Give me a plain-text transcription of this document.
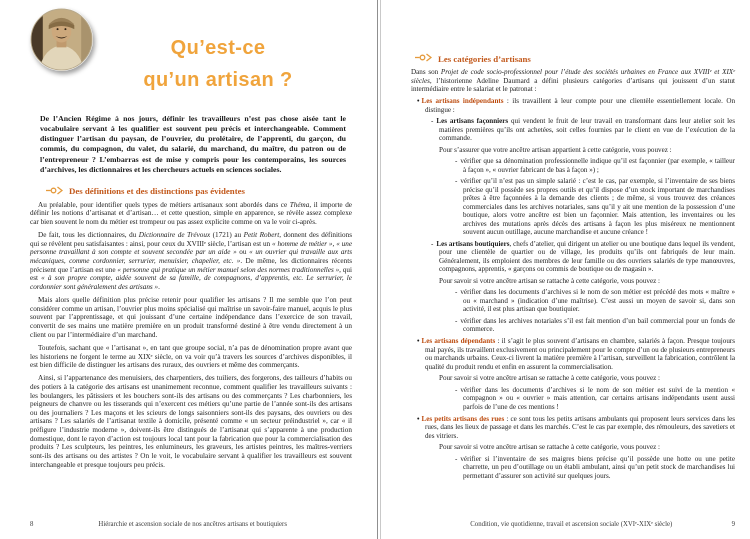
Qu’est-ce
qu’un artisan ?

De l’Ancien Régime à nos jours, définir les travailleurs n’est pas chose aisée tant le vocabulaire servant à les qualifier est souvent peu précis et interchangeable. Comment distinguer l’artisan du paysan, de l’ouvrier, du prolétaire, de l’apprenti, du garçon, du commis, du compagnon, du valet, du salarié, du marchand, du maître, du patron ou de l’entrepreneur ? L’embarras est de mise y compris pour les contemporains, les sources d’archives, les dictionnaires et les chercheurs actuels en sciences sociales.

Des définitions et des distinctions pas évidentes

Au préalable, pour identifier quels types de métiers artisanaux sont abordés dans ce Théma, il importe de définir les notions d’artisanat et d’artisan… et cette question, simple en apparence, se révèle assez complexe car bien souvent le nom du métier est trompeur ou pas assez explicite comme on va le voir ci-après.

De fait, tous les dictionnaires, du Dictionnaire de Trévoux (1721) au Petit Robert, donnent des définitions qui se révèlent peu satisfaisantes : ainsi, pour ceux du XVIIIᵉ siècle, l’artisan est un « homme de métier », « une personne travaillant à son compte et souvent secondée par un aide » ou « un ouvrier qui travaille aux arts mécaniques, comme cordonnier, serrurier, menuisier, chapelier, etc. ». De même, les dictionnaires récents précisent que l’artisan est une « personne qui pratique un métier manuel selon des normes traditionnelles », qui est « à son propre compte, aidée souvent de sa famille, de compagnons, d’apprentis, etc. Le serrurier, le cordonnier sont généralement des artisans ».

Mais alors quelle définition plus précise retenir pour qualifier les artisans ? Il me semble que l’on peut considérer comme un artisan, l’ouvrier plus moins spécialisé qui maîtrise un savoir-faire manuel, acquis le plus souvent par l’apprentissage, et qui jouissant d’une certaine indépendance dans l’exercice de son travail, convertit de ses mains une matière première en un produit transformé destiné à être vendu directement à un client ou par l’intermédiaire d’un marchand.

Toutefois, sachant que « l’artisanat », en tant que groupe social, n’a pas de dénomination propre avant que les historiens ne forgent le terme au XIXᵉ siècle, on va voir qu’à travers les sources d’archives disponibles, il est bien difficile de distinguer les artisans des ruraux, des ouvriers et même des commerçants.

Ainsi, si l’appartenance des menuisiers, des charpentiers, des tuiliers, des forgerons, des tailleurs d’habits ou des potiers à la catégorie des artisans est unanimement reconnue, comment qualifier les travailleurs suivants : les boulangers, les pâtissiers et les bouchers sont-ils des artisans ou des commerçants ? Les charbonniers, les peigneurs de chanvre ou les tisserands qui n’exercent ces métiers qu’une partie de l’année sont-ils des artisans ou des journaliers ? Les maçons et les scieurs de longs saisonniers sont-ils des paysans, des ouvriers ou des artisans ? Les salariés de l’artisanat textile à domicile, présenté comme « un secteur préindustriel », car « il préfigure l’industrie moderne », doivent-ils être distingués de l’artisanat qui s’apparente à une production domestique, dont le rayon d’action est toujours local tant pour la fabrication que pour la commercialisation des produits ? Les sculpteurs, les peintres, les enlumineurs, les graveurs, les artistes peintres, les maîtres-verriers sont-ils des artisans ou des artistes ? On le voit, le vocabulaire servant à qualifier les travailleurs est souvent interchangeable et presque toujours peu précis.

8	Hiérarchie et ascension sociale de nos ancêtres artisans et boutiquiers
Les catégories d’artisans

Dans son Projet de code socio-professionnel pour l’étude des sociétés urbaines en France aux XVIIIᵉ et XIXᵉ siècles, l’historienne Adeline Daumard a défini plusieurs catégories d’artisans qui jouissent d’un statut intermédiaire entre le salariat et le patronat :

• Les artisans indépendants : ils travaillent à leur compte pour une clientèle essentiellement locale. On distingue :

- Les artisans façonniers qui vendent le fruit de leur travail en transformant dans leur atelier soit les matières premières qu’ils ont achetées, soit celles fournies par le client en vue de l’exécution de la commande.

Pour s’assurer que votre ancêtre artisan appartient à cette catégorie, vous pouvez :

- vérifier que sa dénomination professionnelle indique qu’il est façonnier (par exemple, « tailleur à façon », « ouvrier fabricant de bas à façon ») ;

- vérifier qu’il n’est pas un simple salarié : c’est le cas, par exemple, si l’inventaire de ses biens précise qu’il possède ses propres outils et qu’il dispose d’un stock important de marchandises prêtes à être façonnées à la demande des clients ; de même, si vous trouvez des créances commerciales dans les archives notariales, sans qu’il y ait une mention de la possession d’une boutique, alors votre ancêtre est bien un façonnier. Mais attention, les inventaires ou les archives des mutations après décès des artisans à façon les plus miséreux ne mentionnent souvent aucun outillage, aucune marchandise et aucune créance !

- Les artisans boutiquiers, chefs d’atelier, qui dirigent un atelier ou une boutique dans lequel ils vendent, pour une clientèle de quartier ou de village, les produits qu’ils ont fabriqués de leur main. Généralement, ils emploient des membres de leur famille ou des ouvriers salariés de type manœuvres, compagnons, apprentis, « garçons ou commis de boutique ou de magasin ».

Pour savoir si votre ancêtre artisan se rattache à cette catégorie, vous pouvez :

- vérifier dans les documents d’archives si le nom de son métier est précédé des mots « maître » ou « marchand » (indication d’une maîtrise). C’est aussi un moyen de savoir si, dans son activité, il est plus artisan que boutiquier.

- vérifier dans les archives notariales s’il est fait mention d’un bail commercial pour un fonds de commerce.

• Les artisans dépendants : il s’agit le plus souvent d’artisans en chambre, salariés à façon. Presque toujours mal payés, ils travaillent exclusivement ou principalement pour le compte d’un ou de plusieurs entrepreneurs ou marchands urbains. Ceux-ci livrent la matière première à l’artisan, surveillent la fabrication, contrôlent la qualité du produit rendu et enfin en assurent la commercialisation.

Pour savoir si votre ancêtre artisan se rattache à cette catégorie, vous pouvez :

- vérifier dans les documents d’archives si le nom de son métier est suivi de la mention « compagnon » ou « ouvrier » mais attention, car certains artisans indépendants usent aussi parfois de l’une de ces mentions !

• Les petits artisans des rues : ce sont tous les petits artisans ambulants qui proposent leurs services dans les rues, dans les lieux de passage et dans les marchés. C’est le cas par exemple, des rémouleurs, des savetiers et des vitriers.

Pour savoir si votre ancêtre artisan se rattache à cette catégorie, vous pouvez :

- vérifier si l’inventaire de ses maigres biens précise qu’il possède une hotte ou une petite charrette, un peu d’outillage ou un établi ambulant, ainsi qu’un petit stock de marchandises lui permettant d’assurer son activité sur quelques jours.

Condition, vie quotidienne, travail et ascension sociale (XVIᵉ-XIXᵉ siècle)	9
